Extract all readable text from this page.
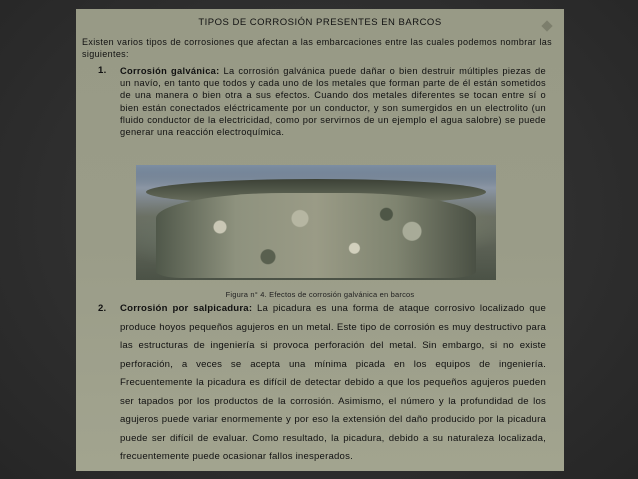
TIPOS DE CORROSIÓN PRESENTES EN BARCOS
Existen varios tipos de corrosiones que afectan a las embarcaciones entre las cuales podemos nombrar las siguientes:
1.	Corrosión galvánica: La corrosión galvánica puede dañar o bien destruir múltiples piezas de un navío, en tanto que todos y cada uno de los metales que forman parte de él están sometidos de una manera o bien otra a sus efectos. Cuando dos metales diferentes se tocan entre sí o bien están conectados eléctricamente por un conductor, y son sumergidos en un electrolito (un fluido conductor de la electricidad, como por servirnos de un ejemplo el agua salobre) se puede generar una reacción electroquímica.
Figura n° 4. Efectos de corrosión galvánica en barcos
2.	Corrosión por salpicadura: La picadura es una forma de ataque corrosivo localizado que produce hoyos pequeños agujeros en un metal. Este tipo de corrosión es muy destructivo para las estructuras de ingeniería si provoca perforación del metal. Sin embargo, si no existe perforación, a veces se acepta una mínima picada en los equipos de ingeniería. Frecuentemente la picadura es difícil de detectar debido a que los pequeños agujeros pueden ser tapados por los productos de la corrosión. Asimismo, el número y la profundidad de los agujeros puede variar enormemente y por eso la extensión del daño producido por la picadura puede ser difícil de evaluar. Como resultado, la picadura, debido a su naturaleza localizada, frecuentemente puede ocasionar fallos inesperados.
